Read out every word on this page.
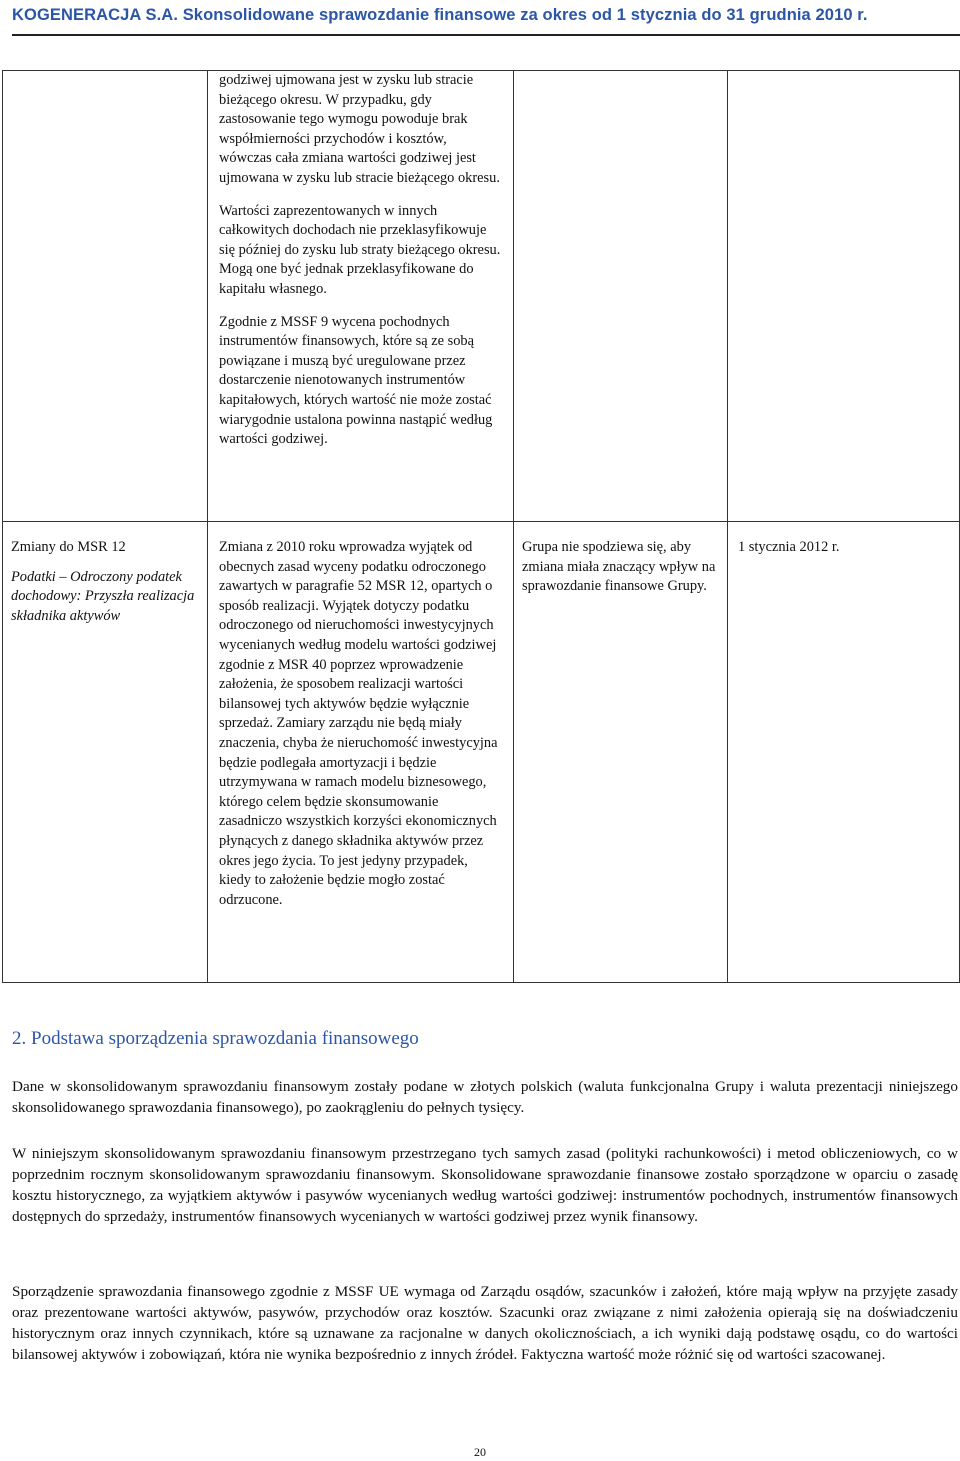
KOGENERACJA S.A. Skonsolidowane sprawozdanie finansowe za okres od 1 stycznia do 31 grudnia 2010 r.

godziwej ujmowana jest w zysku lub stracie bieżącego okresu. W przypadku, gdy zastosowanie tego wymogu powoduje brak współmierności przychodów i kosztów, wówczas cała zmiana wartości godziwej jest ujmowana w zysku lub stracie bieżącego okresu.

Wartości zaprezentowanych w innych całkowitych dochodach nie przeklasyfikowuje się później do zysku lub straty bieżącego okresu. Mogą one być jednak przeklasyfikowane do kapitału własnego.

Zgodnie z MSSF 9 wycena pochodnych instrumentów finansowych, które są ze sobą powiązane i muszą być uregulowane przez dostarczenie nienotowanych instrumentów kapitałowych, których wartość nie może zostać wiarygodnie ustalona powinna nastąpić według wartości godziwej.

Zmiany do MSR 12
Podatki – Odroczony podatek dochodowy: Przyszła realizacja składnika aktywów
Zmiana z 2010 roku wprowadza wyjątek od obecnych zasad wyceny podatku odroczonego zawartych w paragrafie 52 MSR 12, opartych o sposób realizacji. Wyjątek dotyczy podatku odroczonego od nieruchomości inwestycyjnych wycenianych według modelu wartości godziwej zgodnie z MSR 40 poprzez wprowadzenie założenia, że sposobem realizacji wartości bilansowej tych aktywów będzie wyłącznie sprzedaż. Zamiary zarządu nie będą miały znaczenia, chyba że nieruchomość inwestycyjna będzie podlegała amortyzacji i będzie utrzymywana w ramach modelu biznesowego, którego celem będzie skonsumowanie zasadniczo wszystkich korzyści ekonomicznych płynących z danego składnika aktywów przez okres jego życia. To jest jedyny przypadek, kiedy to założenie będzie mogło zostać odrzucone.
Grupa nie spodziewa się, aby zmiana miała znaczący wpływ na sprawozdanie finansowe Grupy.
1 stycznia 2012 r.
2. Podstawa sporządzenia sprawozdania finansowego

Dane w skonsolidowanym sprawozdaniu finansowym zostały podane w złotych polskich (waluta funkcjonalna Grupy i waluta prezentacji niniejszego skonsolidowanego sprawozdania finansowego), po zaokrągleniu do pełnych tysięcy.

W niniejszym skonsolidowanym sprawozdaniu finansowym przestrzegano tych samych zasad (polityki rachunkowości) i metod obliczeniowych, co w poprzednim rocznym skonsolidowanym sprawozdaniu finansowym. Skonsolidowane sprawozdanie finansowe zostało sporządzone w oparciu o zasadę kosztu historycznego, za wyjątkiem aktywów i pasywów wycenianych według wartości godziwej: instrumentów pochodnych, instrumentów finansowych dostępnych do sprzedaży, instrumentów finansowych wycenianych w wartości godziwej przez wynik finansowy.

Sporządzenie sprawozdania finansowego zgodnie z MSSF UE wymaga od Zarządu osądów, szacunków i założeń, które mają wpływ na przyjęte zasady oraz prezentowane wartości aktywów, pasywów, przychodów oraz kosztów. Szacunki oraz związane z nimi założenia opierają się na doświadczeniu historycznym oraz innych czynnikach, które są uznawane za racjonalne w danych okolicznościach, a ich wyniki dają podstawę osądu, co do wartości bilansowej aktywów i zobowiązań, która nie wynika bezpośrednio z innych źródeł. Faktyczna wartość może różnić się od wartości szacowanej.

20
